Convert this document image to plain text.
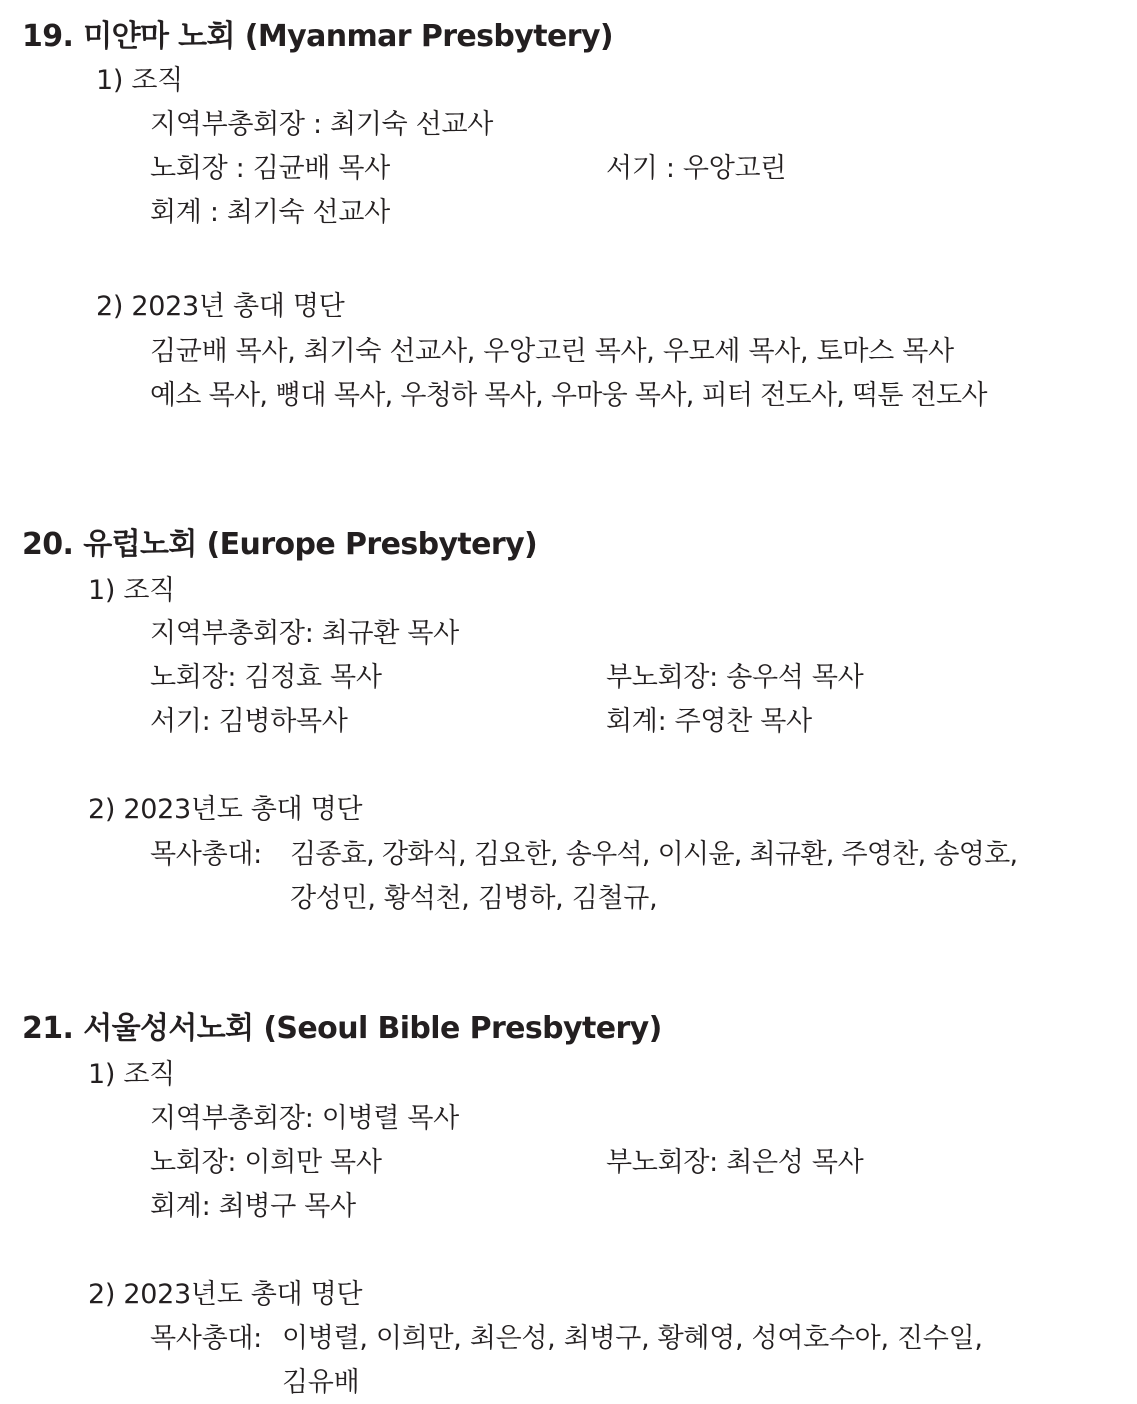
19. 미얀마 노회 (Myanmar Presbytery)
1) 조직
지역부총회장 : 최기숙 선교사
노회장 : 김균배 목사	서기 : 우앙고린
회계 : 최기숙 선교사
2) 2023년 총대 명단
김균배 목사, 최기숙 선교사, 우앙고린 목사, 우모세 목사, 토마스 목사
예소 목사, 뼝대 목사, 우청하 목사, 우마웅 목사, 피터 전도사, 떡툰 전도사
20. 유럽노회 (Europe Presbytery)
1) 조직
지역부총회장: 최규환 목사
노회장: 김정효 목사	부노회장: 송우석 목사
서기: 김병하목사	회계: 주영찬 목사
2) 2023년도 총대 명단
목사총대: 김종효, 강화식, 김요한, 송우석, 이시윤, 최규환, 주영찬, 송영호,
강성민, 황석천, 김병하, 김철규,
21. 서울성서노회 (Seoul Bible Presbytery)
1) 조직
지역부총회장: 이병렬 목사
노회장: 이희만 목사	부노회장: 최은성 목사
회계: 최병구 목사
2) 2023년도 총대 명단
목사총대: 이병렬, 이희만, 최은성, 최병구, 황혜영, 성여호수아, 진수일,
김유배
